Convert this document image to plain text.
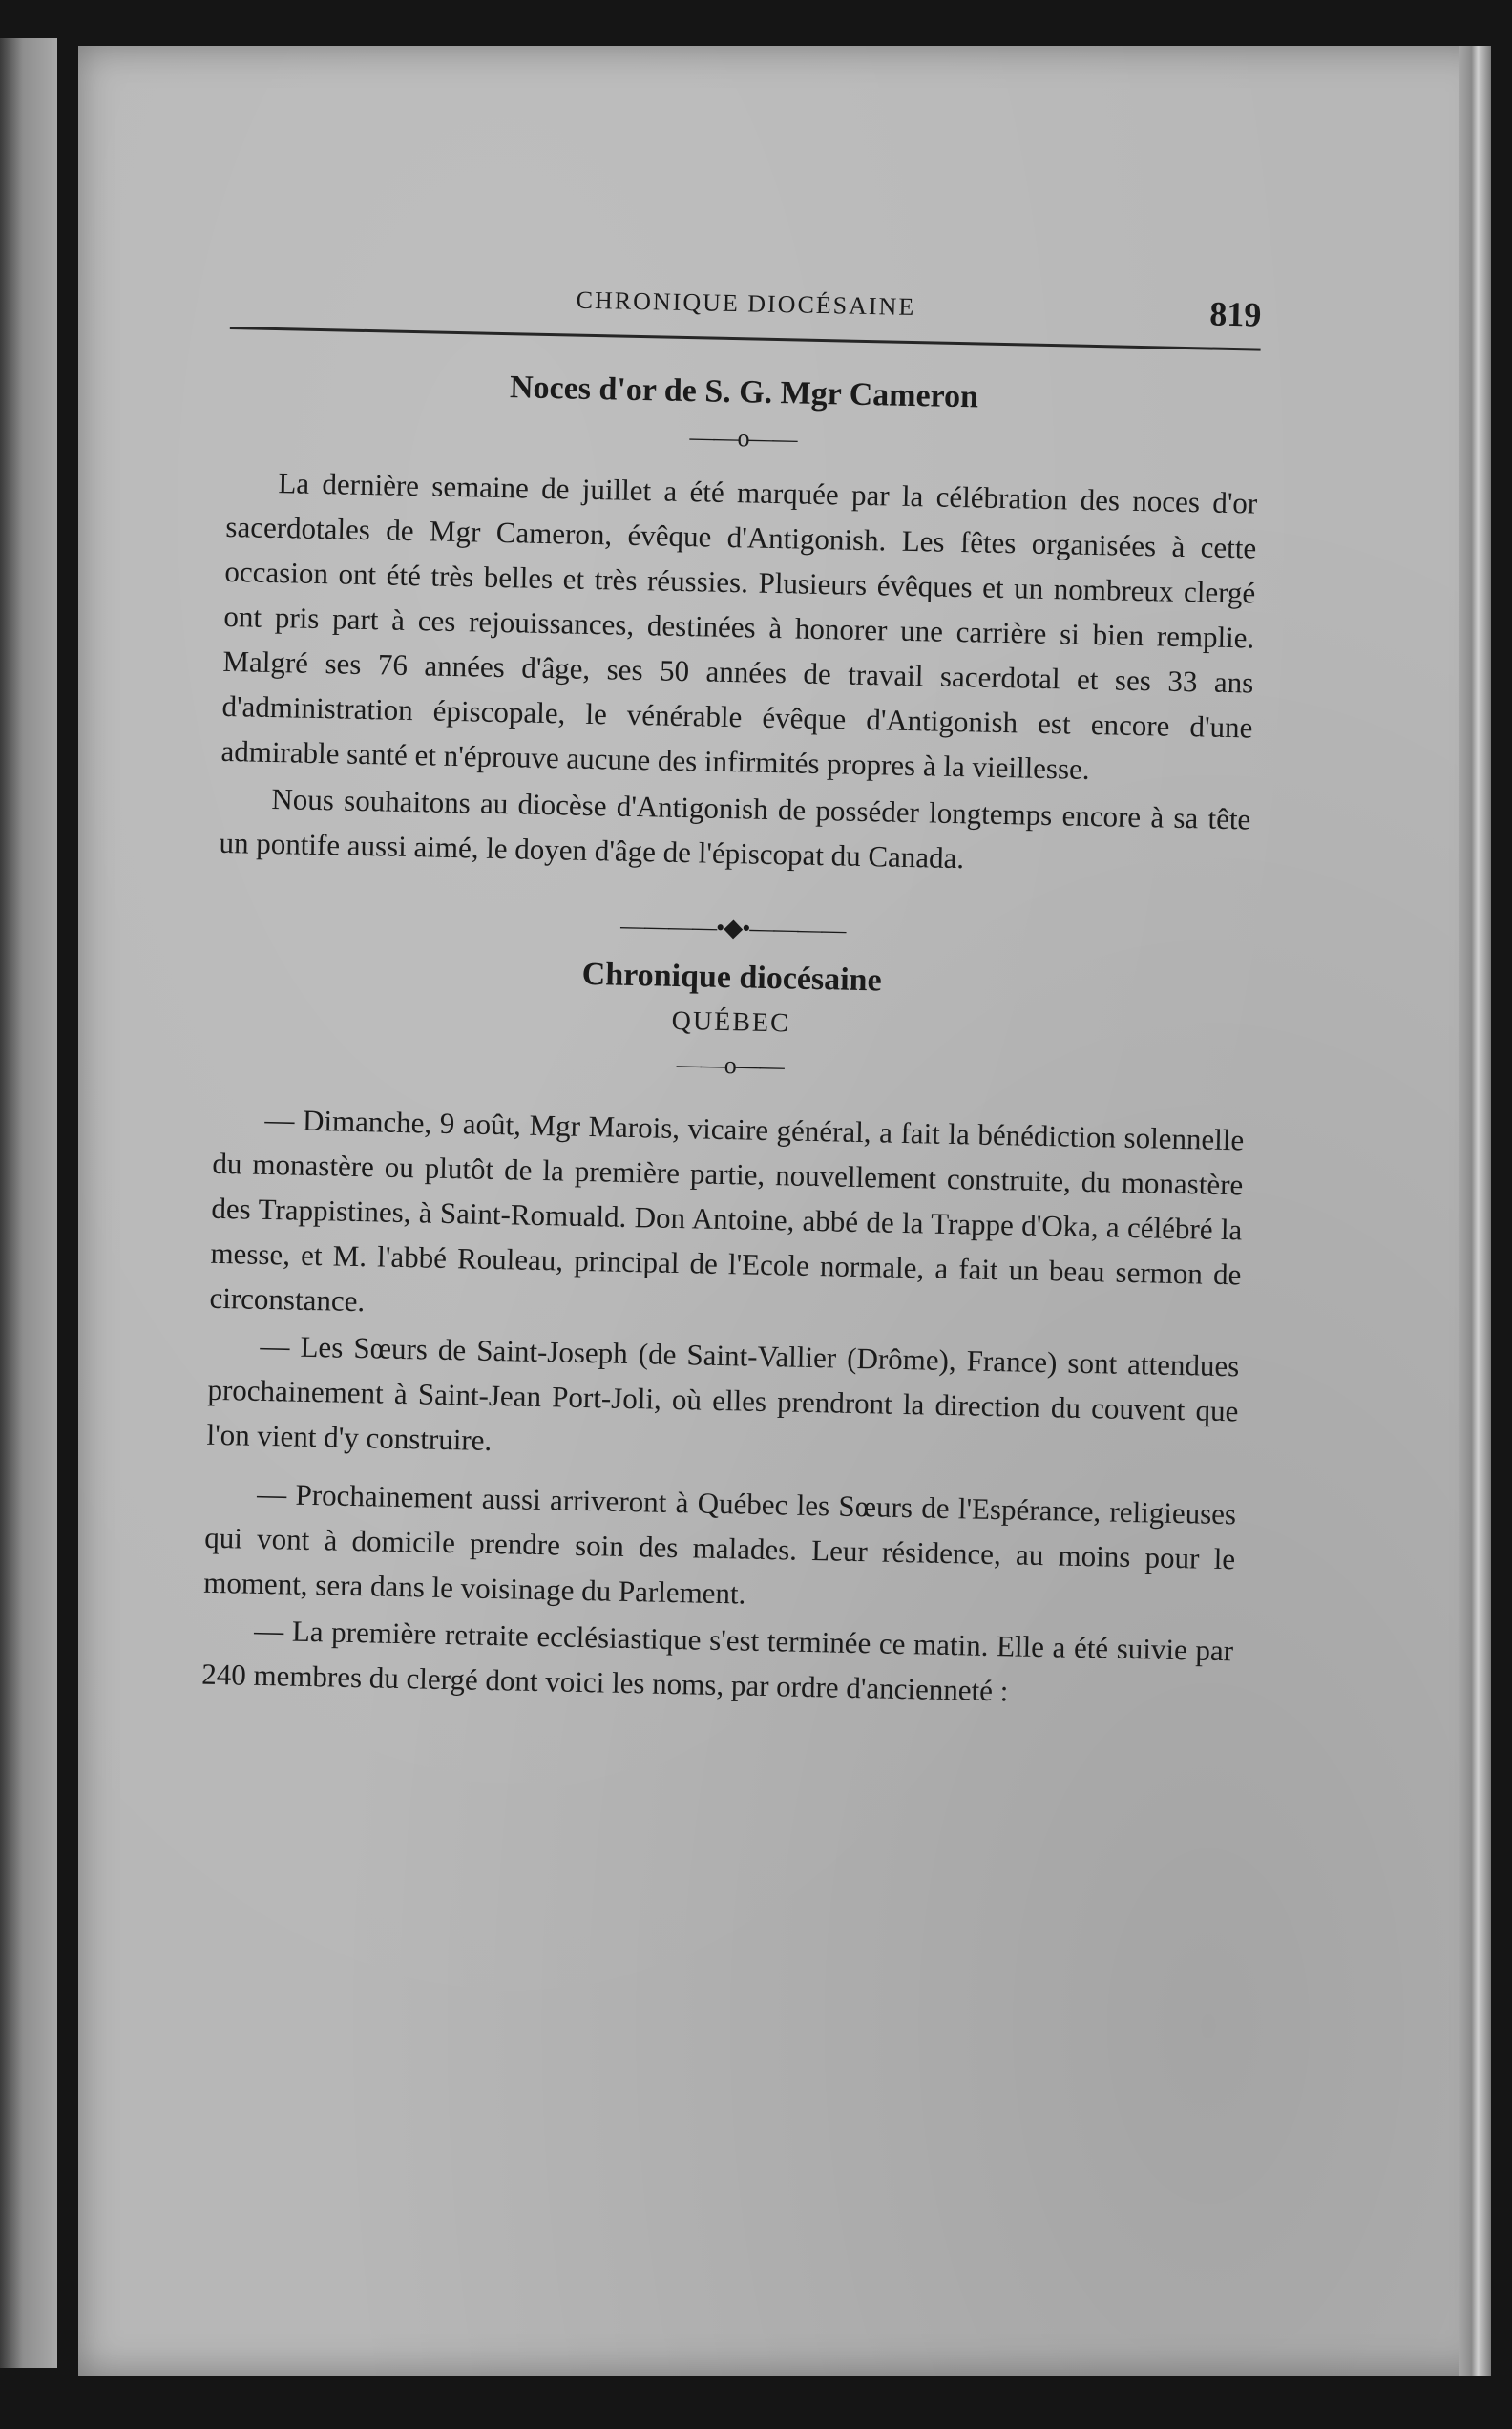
CHRONIQUE DIOCÉSAINE	819
Noces d'or de S. G. Mgr Cameron
——o——

La dernière semaine de juillet a été marquée par la célébration des noces d'or sacerdotales de Mgr Cameron, évêque d'Antigonish. Les fêtes organisées à cette occasion ont été très belles et très réussies. Plusieurs évêques et un nombreux clergé ont pris part à ces rejouissances, destinées à honorer une carrière si bien remplie. Malgré ses 76 années d'âge, ses 50 années de travail sacerdotal et ses 33 ans d'administration épiscopale, le vénérable évêque d'Antigonish est encore d'une admirable santé et n'éprouve aucune des infirmités propres à la vieillesse.

Nous souhaitons au diocèse d'Antigonish de posséder longtemps encore à sa tête un pontife aussi aimé, le doyen d'âge de l'épiscopat du Canada.

————•◆•————
Chronique diocésaine
QUÉBEC
——o——

— Dimanche, 9 août, Mgr Marois, vicaire général, a fait la bénédiction solennelle du monastère ou plutôt de la première partie, nouvellement construite, du monastère des Trappistines, à Saint-Romuald. Don Antoine, abbé de la Trappe d'Oka, a célébré la messe, et M. l'abbé Rouleau, principal de l'Ecole normale, a fait un beau sermon de circonstance.

— Les Sœurs de Saint-Joseph (de Saint-Vallier (Drôme), France) sont attendues prochainement à Saint-Jean Port-Joli, où elles prendront la direction du couvent que l'on vient d'y construire.

— Prochainement aussi arriveront à Québec les Sœurs de l'Espérance, religieuses qui vont à domicile prendre soin des malades. Leur résidence, au moins pour le moment, sera dans le voisinage du Parlement.

— La première retraite ecclésiastique s'est terminée ce matin. Elle a été suivie par 240 membres du clergé dont voici les noms, par ordre d'ancienneté :
